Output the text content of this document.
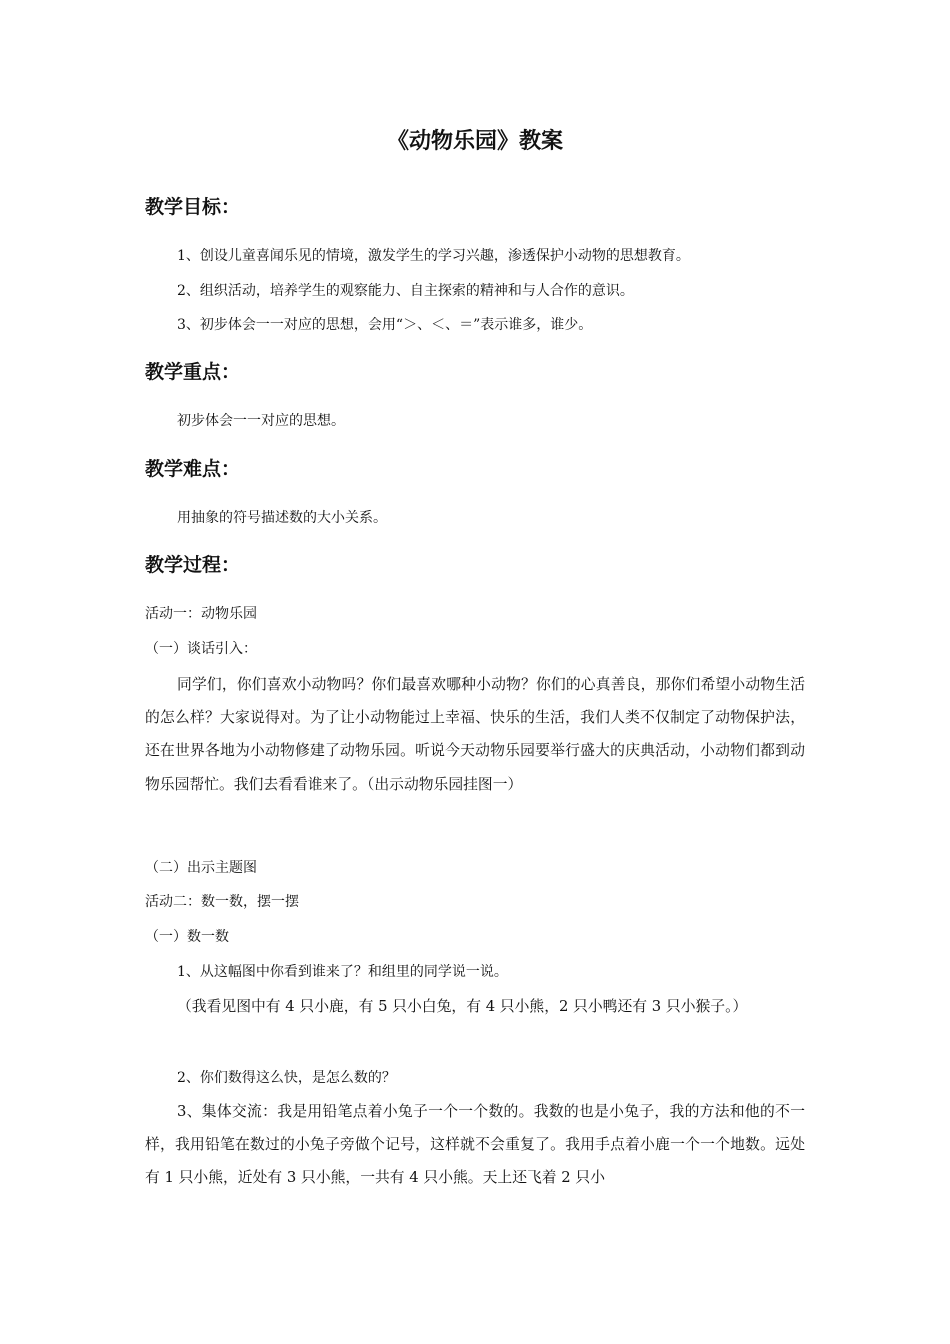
《动物乐园》教案
教学目标：
1、创设儿童喜闻乐见的情境，激发学生的学习兴趣，渗透保护小动物的思想教育。
2、组织活动，培养学生的观察能力、自主探索的精神和与人合作的意识。
3、初步体会一一对应的思想，会用“＞、＜、＝”表示谁多，谁少。
教学重点：
初步体会一一对应的思想。
教学难点：
用抽象的符号描述数的大小关系。
教学过程：
活动一：动物乐园
（一）谈话引入：

同学们，你们喜欢小动物吗？你们最喜欢哪种小动物？你们的心真善良，那你们希望小动物生活的怎么样？大家说得对。为了让小动物能过上幸福、快乐的生活，我们人类不仅制定了动物保护法，还在世界各地为小动物修建了动物乐园。听说今天动物乐园要举行盛大的庆典活动，小动物们都到动物乐园帮忙。我们去看看谁来了。（出示动物乐园挂图一）

（二）出示主题图
活动二：数一数，摆一摆
（一）数一数
1、从这幅图中你看到谁来了？和组里的同学说一说。

（我看见图中有 4 只小鹿，有 5 只小白兔，有 4 只小熊，2 只小鸭还有 3 只小猴子。）

2、你们数得这么快，是怎么数的？

3、集体交流：我是用铅笔点着小兔子一个一个数的。我数的也是小兔子，我的方法和他的不一样，我用铅笔在数过的小兔子旁做个记号，这样就不会重复了。我用手点着小鹿一个一个地数。远处有 1 只小熊，近处有 3 只小熊，一共有 4 只小熊。天上还飞着 2 只小
